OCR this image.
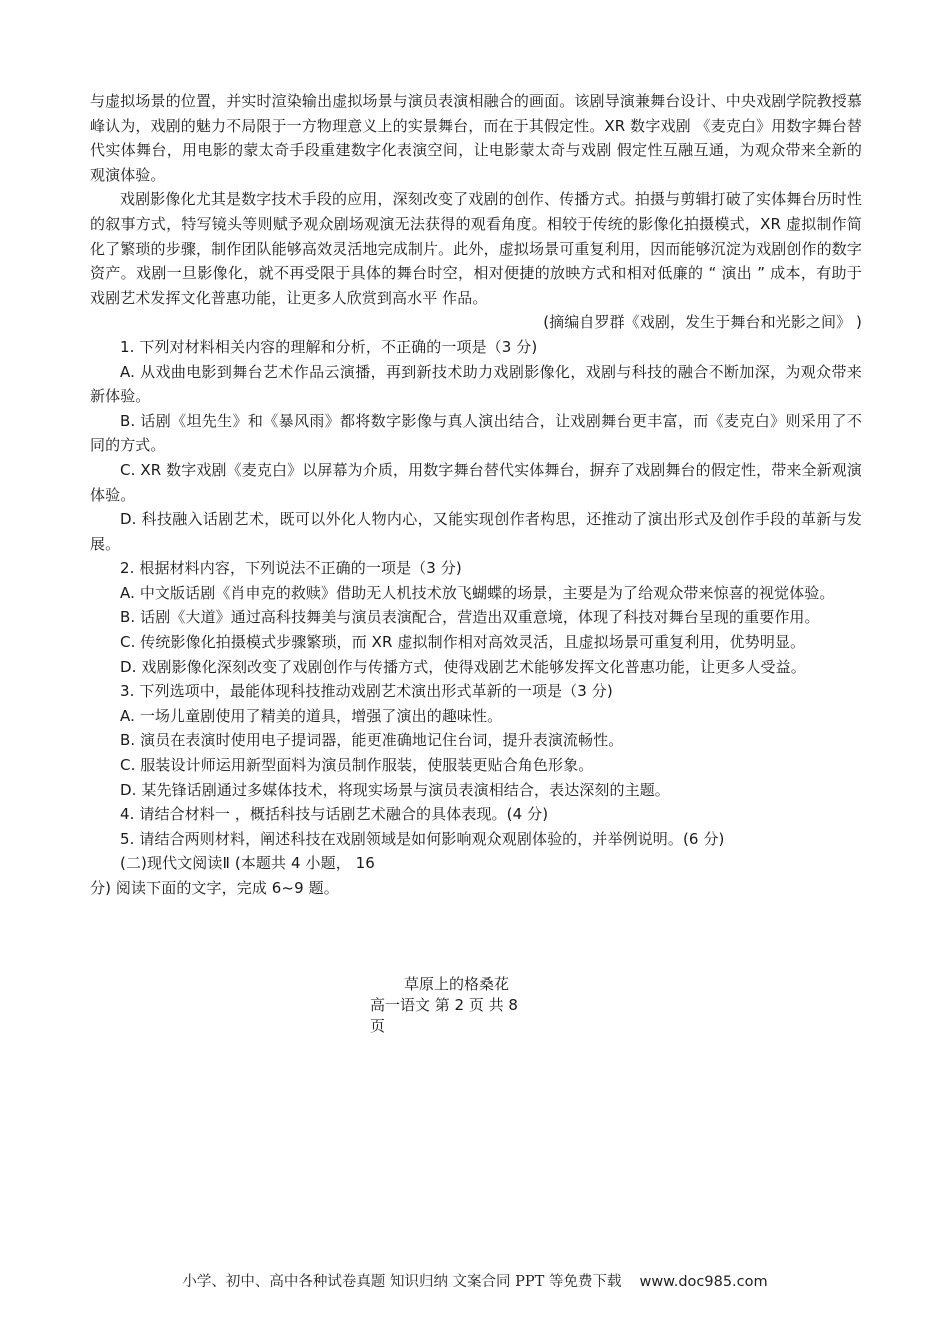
与虚拟场景的位置，并实时渲染输出虚拟场景与演员表演相融合的画面。该剧导演兼舞台设计、中央戏剧学院教授慕峰认为，戏剧的魅力不局限于一方物理意义上的实景舞台，而在于其假定性。XR 数字戏剧 《麦克白》用数字舞台替代实体舞台，用电影的蒙太奇手段重建数字化表演空间，让电影蒙太奇与戏剧 假定性互融互通，为观众带来全新的观演体验。

戏剧影像化尤其是数字技术手段的应用，深刻改变了戏剧的创作、传播方式。拍摄与剪辑打破了实体舞台历时性的叙事方式，特写镜头等则赋予观众剧场观演无法获得的观看角度。相较于传统的影像化拍摄模式，XR 虚拟制作简化了繁琐的步骤，制作团队能够高效灵活地完成制片。此外，虚拟场景可重复利用，因而能够沉淀为戏剧创作的数字资产。戏剧一旦影像化，就不再受限于具体的舞台时空，相对便捷的放映方式和相对低廉的 “ 演出 ” 成本，有助于戏剧艺术发挥文化普惠功能，让更多人欣赏到高水平 作品。

(摘编自罗群《戏剧，发生于舞台和光影之间》 )

1. 下列对材料相关内容的理解和分析，不正确的一项是（3 分)

A. 从戏曲电影到舞台艺术作品云演播，再到新技术助力戏剧影像化，戏剧与科技的融合不断加深，为观众带来新体验。

B. 话剧《坦先生》和《暴风雨》都将数字影像与真人演出结合，让戏剧舞台更丰富，而《麦克白》则采用了不同的方式。

C. XR 数字戏剧《麦克白》以屏幕为介质，用数字舞台替代实体舞台，摒弃了戏剧舞台的假定性，带来全新观演体验。

D. 科技融入话剧艺术，既可以外化人物内心，又能实现创作者构思，还推动了演出形式及创作手段的革新与发展。

2. 根据材料内容，下列说法不正确的一项是（3 分)

A. 中文版话剧《肖申克的救赎》借助无人机技术放飞蝴蝶的场景，主要是为了给观众带来惊喜的视觉体验。

B. 话剧《大道》通过高科技舞美与演员表演配合，营造出双重意境，体现了科技对舞台呈现的重要作用。

C. 传统影像化拍摄模式步骤繁琐，而 XR 虚拟制作相对高效灵活，且虚拟场景可重复利用，优势明显。

D. 戏剧影像化深刻改变了戏剧创作与传播方式，使得戏剧艺术能够发挥文化普惠功能，让更多人受益。

3. 下列选项中，最能体现科技推动戏剧艺术演出形式革新的一项是（3 分)

A. 一场儿童剧使用了精美的道具，增强了演出的趣味性。

B. 演员在表演时使用电子提词器，能更准确地记住台词，提升表演流畅性。

C. 服装设计师运用新型面料为演员制作服装，使服装更贴合角色形象。

D. 某先锋话剧通过多媒体技术，将现实场景与演员表演相结合，表达深刻的主题。

4. 请结合材料一 ，概括科技与话剧艺术融合的具体表现。(4 分)

5. 请结合两则材料，阐述科技在戏剧领域是如何影响观众观剧体验的，并举例说明。(6 分)

(二)现代文阅读Ⅱ (本题共 4 小题， 16

分) 阅读下面的文字，完成 6~9 题。

草原上的格桑花
高一语文 第 2 页 共 8
页
小学、初中、高中各种试卷真题 知识归纳 文案合同 PPT 等免费下载 www.doc985.com
